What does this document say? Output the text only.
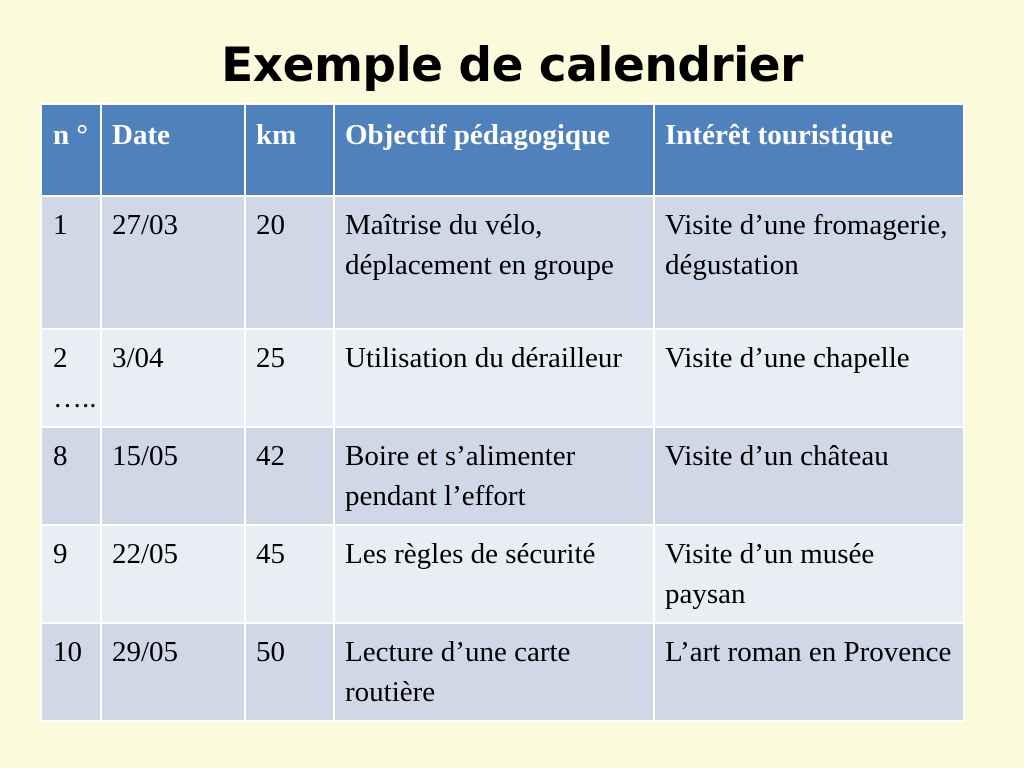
Exemple de calendrier
n °	Date	km	Objectif pédagogique	Intérêt touristique
1	27/03	20	Maîtrise du vélo, déplacement en groupe	Visite d’une fromagerie, dégustation
2 …..	3/04	25	Utilisation du dérailleur	Visite d’une chapelle
8	15/05	42	Boire et s’alimenter pendant l’effort	Visite d’un château
9	22/05	45	Les règles de sécurité	Visite d’un musée paysan
10	29/05	50	Lecture d’une carte routière	L’art roman en Provence
